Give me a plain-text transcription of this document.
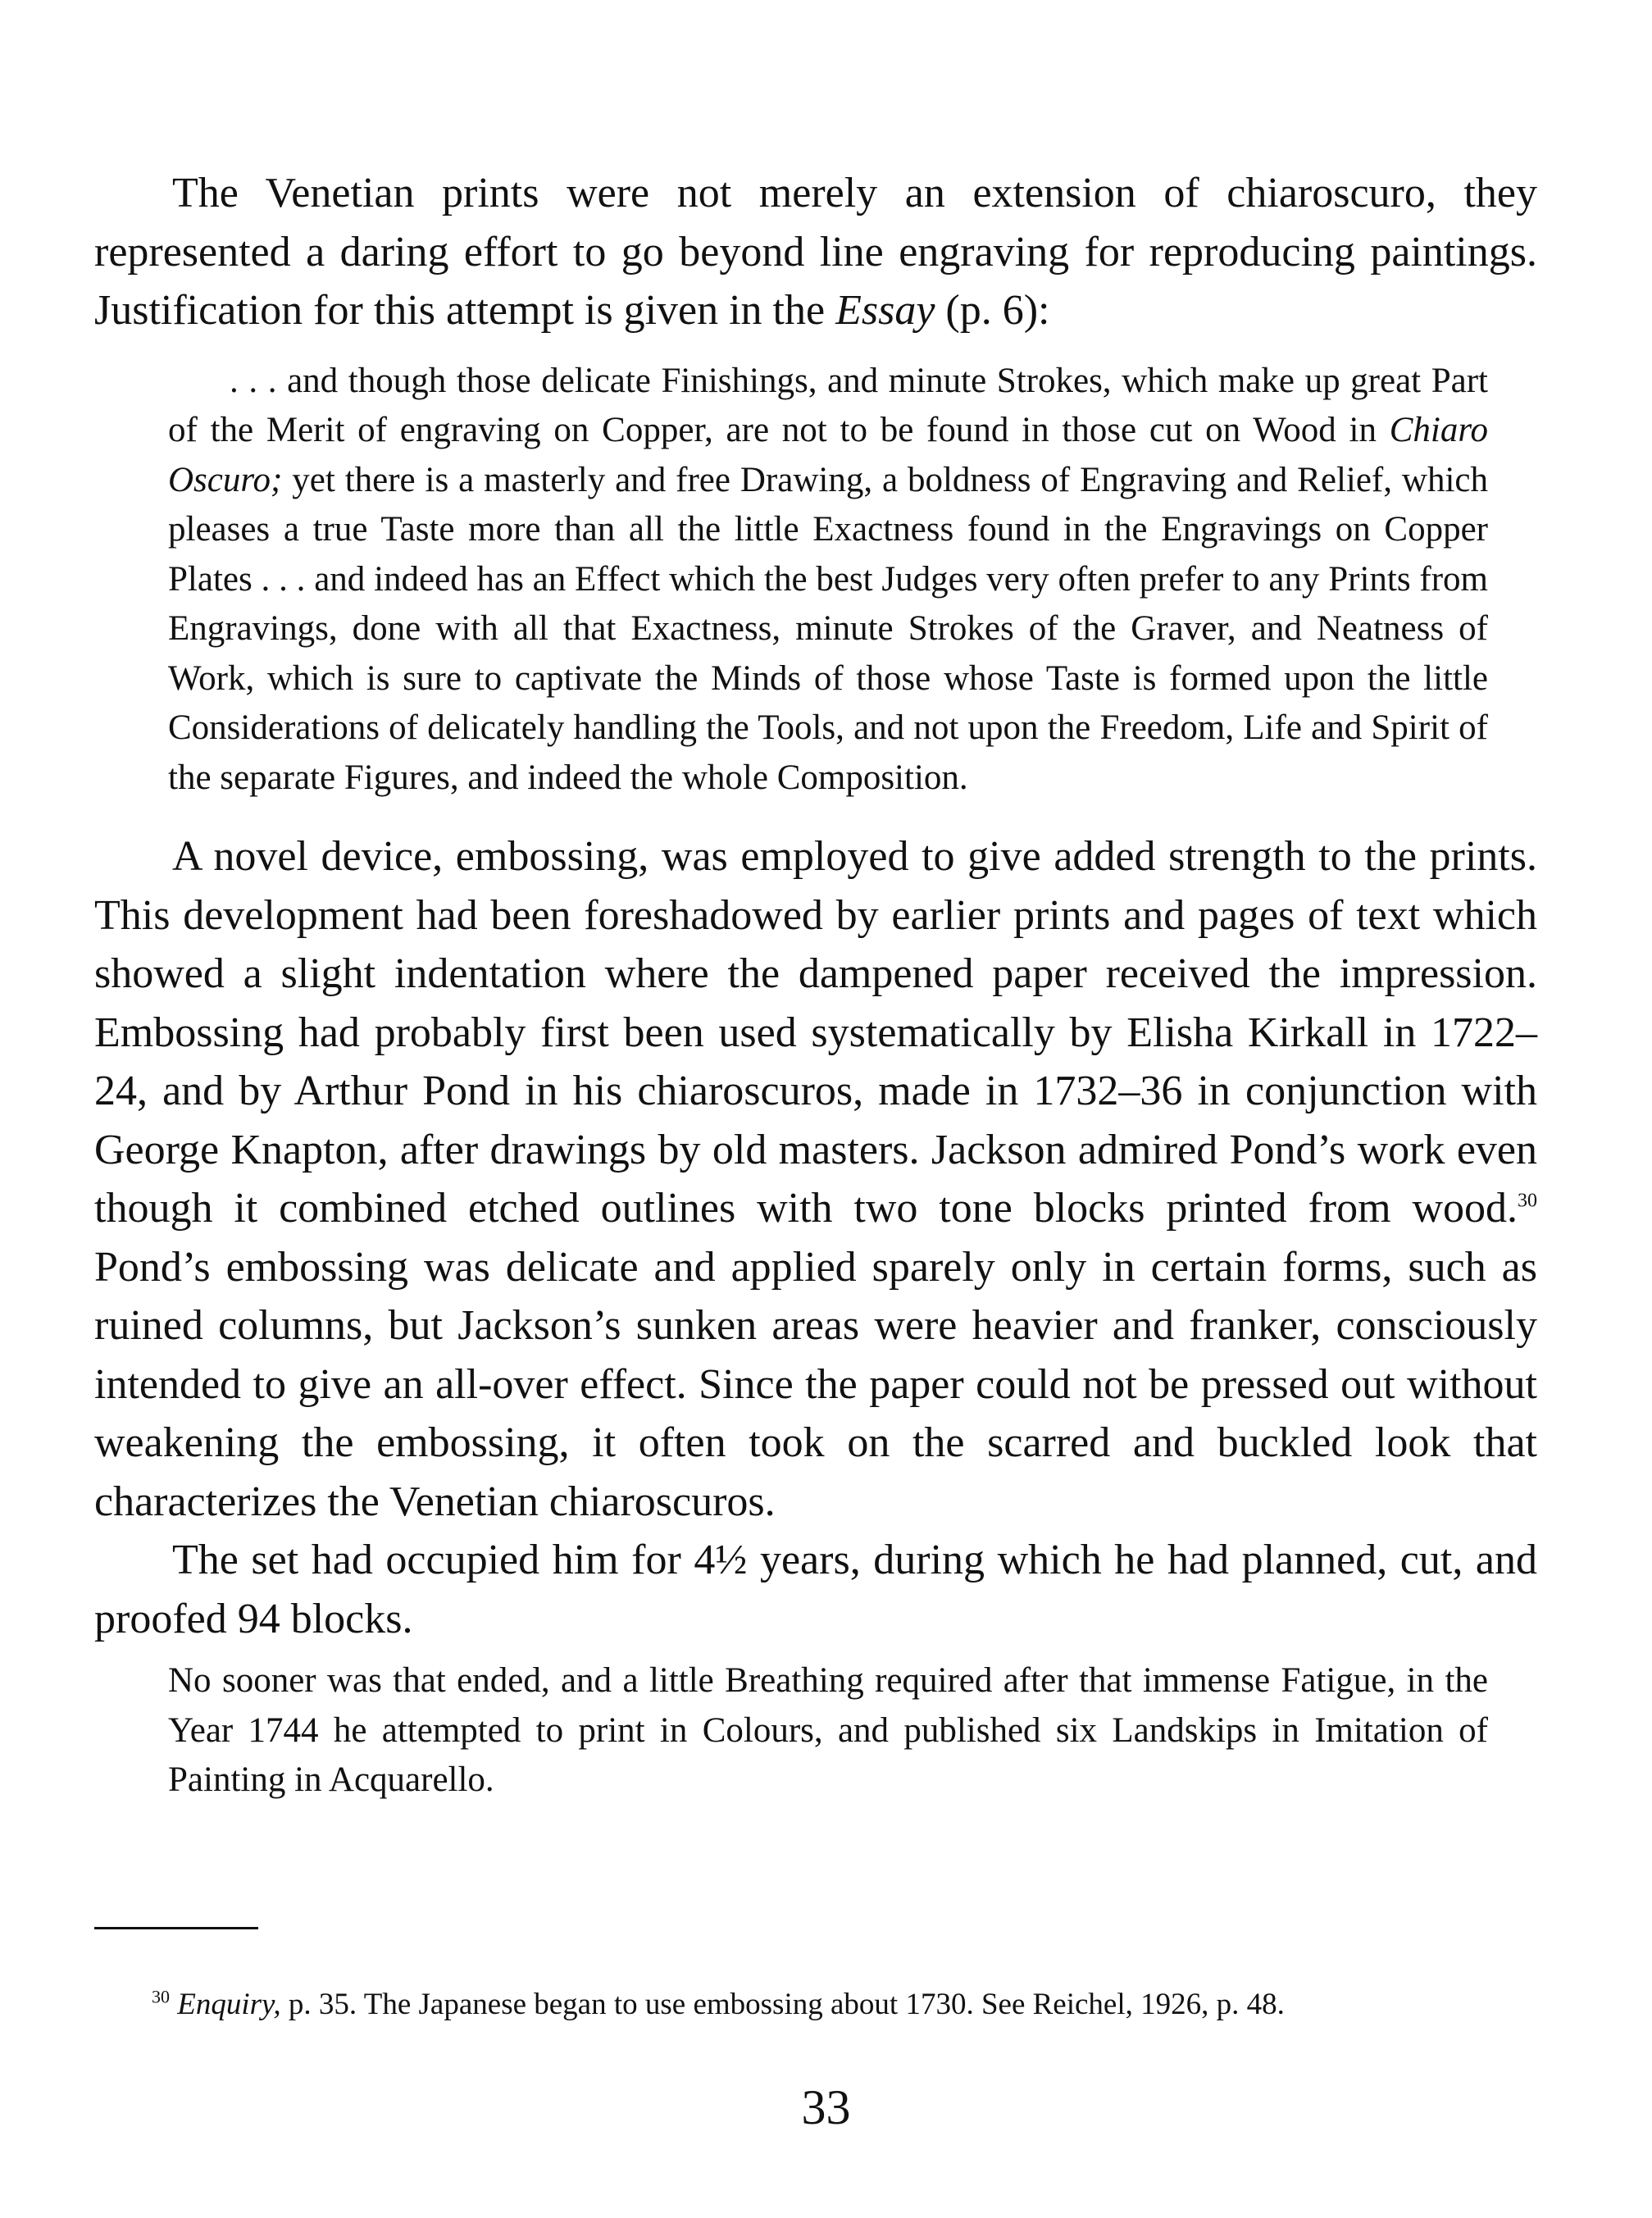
The Venetian prints were not merely an extension of chiaroscuro, they represented a daring effort to go beyond line engraving for reproducing paintings. Justification for this attempt is given in the Essay (p. 6):

. . . and though those delicate Finishings, and minute Strokes, which make up great Part of the Merit of engraving on Copper, are not to be found in those cut on Wood in Chiaro Oscuro; yet there is a masterly and free Drawing, a boldness of Engraving and Relief, which pleases a true Taste more than all the little Exactness found in the Engravings on Copper Plates . . . and indeed has an Effect which the best Judges very often prefer to any Prints from Engravings, done with all that Exactness, minute Strokes of the Graver, and Neatness of Work, which is sure to captivate the Minds of those whose Taste is formed upon the little Considerations of delicately handling the Tools, and not upon the Freedom, Life and Spirit of the separate Figures, and indeed the whole Composition.

A novel device, embossing, was employed to give added strength to the prints. This development had been foreshadowed by earlier prints and pages of text which showed a slight indentation where the dampened paper received the impression. Embossing had probably first been used systematically by Elisha Kirkall in 1722–24, and by Arthur Pond in his chiaroscuros, made in 1732–36 in conjunction with George Knapton, after drawings by old masters. Jackson admired Pond’s work even though it combined etched outlines with two tone blocks printed from wood.$^{30}$ Pond’s embossing was delicate and applied sparely only in certain forms, such as ruined columns, but Jackson’s sunken areas were heavier and franker, consciously intended to give an all-over effect. Since the paper could not be pressed out without weakening the embossing, it often took on the scarred and buckled look that characterizes the Venetian chiaroscuros.

The set had occupied him for 4½ years, during which he had planned, cut, and proofed 94 blocks.

No sooner was that ended, and a little Breathing required after that immense Fatigue, in the Year 1744 he attempted to print in Colours, and published six Landskips in Imitation of Painting in Acquarello.

$^{30}$ Enquiry, p. 35. The Japanese began to use embossing about 1730. See Reichel, 1926, p. 48.

33
